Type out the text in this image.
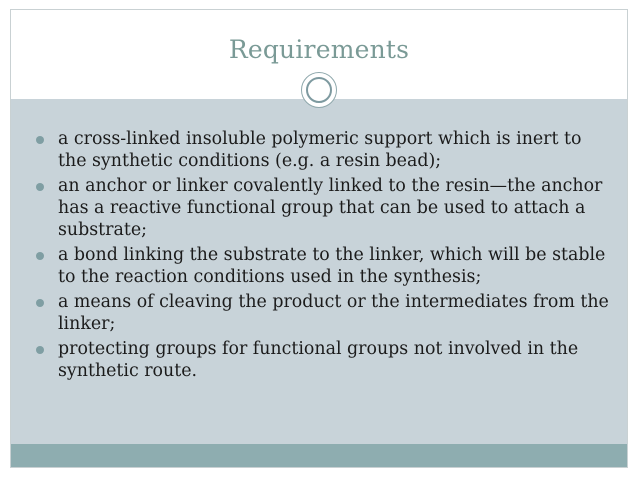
Requirements
a cross-linked insoluble polymeric support which is inert to the synthetic conditions (e.g. a resin bead);
an anchor or linker covalently linked to the resin—the anchor has a reactive functional group that can be used to attach a substrate;
a bond linking the substrate to the linker, which will be stable to the reaction conditions used in the synthesis;
a means of cleaving the product or the intermediates from the linker;
protecting groups for functional groups not involved in the synthetic route.
